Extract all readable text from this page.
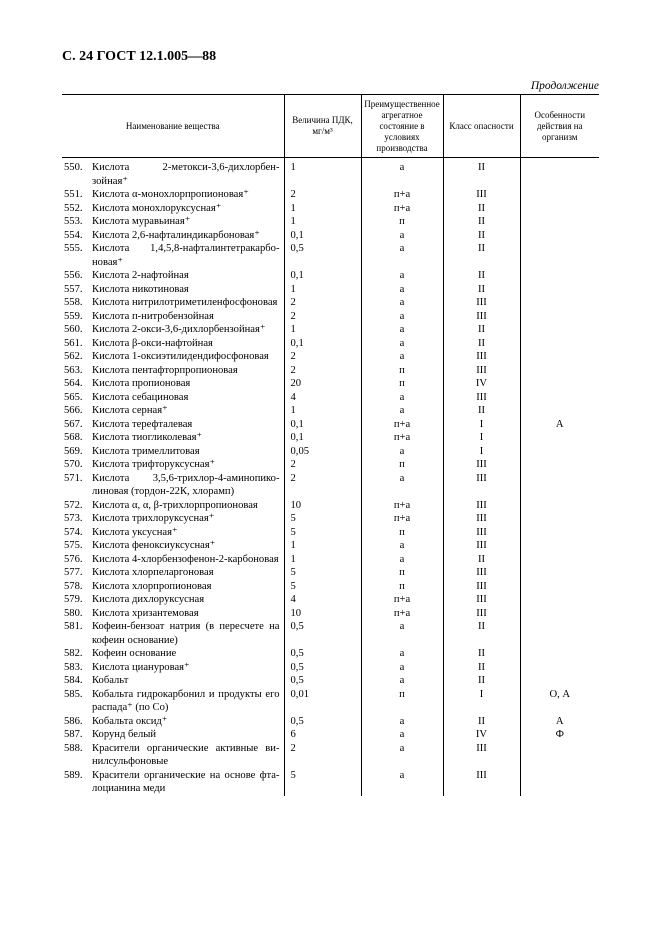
С. 24 ГОСТ 12.1.005—88
Продолжение
Наименование вещества	Величина ПДК, мг/м³	Преимущественное агрегатное состояние в условиях производства	Класс опасности	Особенности действия на организм

550. Кислота 2-метокси-3,6-дихлорбензойная⁺	1	а	II	

551. Кислота α-монохлорпропионовая⁺	2	п+а	III	

552. Кислота монохлоруксусная⁺	1	п+а	II	

553. Кислота муравьиная⁺	1	п	II	

554. Кислота 2,6-нафталиндикарбоновая⁺	0,1	а	II	

555. Кислота 1,4,5,8-нафталинтетракарбоновая⁺	0,5	а	II	

556. Кислота 2-нафтойная	0,1	а	II	

557. Кислота никотиновая	1	а	II	

558. Кислота нитрилотриметиленфосфоновая	2	а	III	

559. Кислота п-нитробензойная	2	а	III	

560. Кислота 2-окси-3,6-дихлорбензойная⁺	1	а	II	

561. Кислота β-окси-нафтойная	0,1	а	II	

562. Кислота 1-оксиэтилидендифосфоновая	2	а	III	

563. Кислота пентафторпропионовая	2	п	III	

564. Кислота пропионовая	20	п	IV	

565. Кислота себациновая	4	а	III	

566. Кислота серная⁺	1	а	II	

567. Кислота терефталевая	0,1	п+а	I	А

568. Кислота тиогликолевая⁺	0,1	п+а	I	

569. Кислота тримеллитовая	0,05	а	I	

570. Кислота трифторуксусная⁺	2	п	III	

571. Кислота 3,5,6-трихлор-4-аминопиколиновая (тордон-22К, хлорамп)	2	а	III	

572. Кислота α, α, β-трихлорпропионовая	10	п+а	III	

573. Кислота трихлоруксусная⁺	5	п+а	III	

574. Кислота уксусная⁺	5	п	III	

575. Кислота феноксиуксусная⁺	1	а	III	

576. Кислота 4-хлорбензофенон-2-карбоновая	1	а	II	

577. Кислота хлорпеларгоновая	5	п	III	

578. Кислота хлорпропионовая	5	п	III	

579. Кислота дихлоруксусная	4	п+а	III	

580. Кислота хризантемовая	10	п+а	III	

581. Кофеин-бензоат натрия (в пересчете на кофеин основание)	0,5	а	II	

582. Кофеин основание	0,5	а	II	

583. Кислота циануровая⁺	0,5	а	II	

584. Кобальт	0,5	а	II	

585. Кобальта гидрокарбонил и продукты его распада⁺ (по Со)	0,01	п	I	О, А

586. Кобальта оксид⁺	0,5	а	II	А

587. Корунд белый	6	а	IV	Ф

588. Красители органические активные винилсульфоновые	2	а	III	

589. Красители органические на основе фталоцианина меди	5	а	III	
